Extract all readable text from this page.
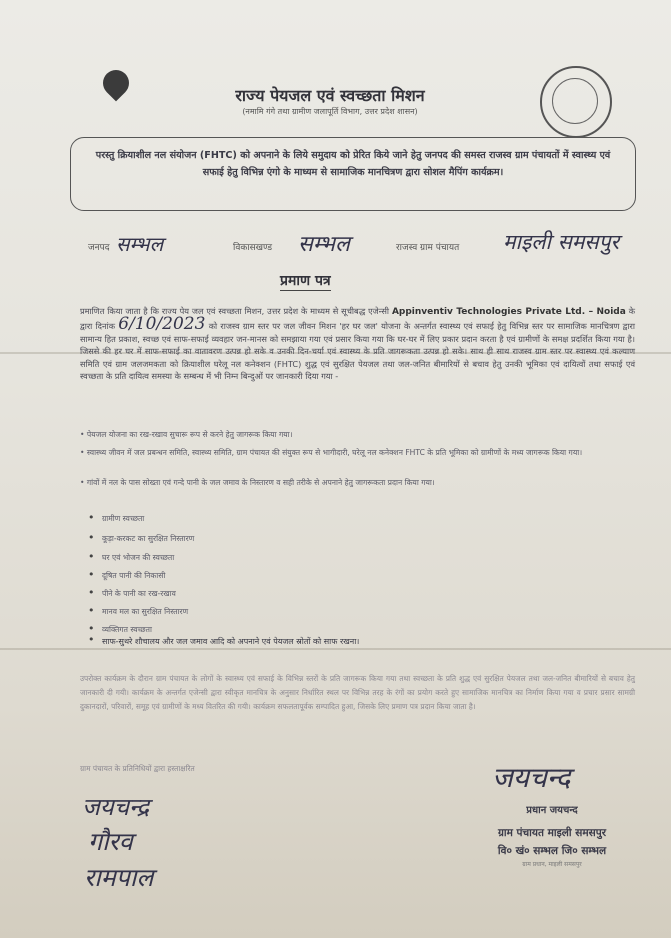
राज्य पेयजल एवं स्वच्छता मिशन
(नमामि गंगे तथा ग्रामीण जलापूर्ति विभाग, उत्तर प्रदेश शासन)

परस्तु क्रियाशील नल संयोजन (FHTC) को अपनाने के लिये समुदाय को प्रेरित किये जाने हेतु जनपद की समस्त राजस्व ग्राम पंचायतों में स्वास्थ्य एवं सफाई हेतु विभिन्न एंगो के माध्यम से सामाजिक मानचित्रण द्वारा सोशल मैपिंग कार्यक्रम।

जनपद सम्भल	विकासखण्ड सम्भल	राजस्व ग्राम पंचायत माइली समसपुर
प्रमाण पत्र
प्रमाणित किया जाता है कि राज्य पेय जल एवं स्वच्छता मिशन, उत्तर प्रदेश के माध्यम से सूचीबद्ध एजेन्सी Appinventiv Technologies Private Ltd. – Noida के द्वारा दिनांक 6/10/2023 को राजस्व ग्राम स्तर पर जल जीवन मिशन 'हर घर जल' योजना के अन्तर्गत स्वास्थ्य एवं सफाई हेतु विभिन्न स्तर पर सामाजिक मानचित्रण द्वारा सामान्य हित प्रकाश, स्वच्छ एवं साफ-सफाई व्यवहार जन-मानस को समझाया गया एवं प्रसार किया गया कि घर-घर में लिए प्रकार प्रदान करता है एवं ग्रामीणों के समक्ष प्रदर्शित किया गया है। जिससे की हर घर में साफ-सफाई का वातावरण उत्पन्न हो सके व उनकी दिन-चर्या एवं स्वास्थ्य के प्रति जागरूकता उत्पन्न हो सके। साथ ही साथ राजस्व ग्राम स्तर पर स्वास्थ्य एवं कल्याण समिति एवं ग्राम जलजमकता को क्रियाशील घरेलू नल कनेक्शन (FHTC) शुद्ध एवं सुरक्षित पेयजल तथा जल-जनित बीमारियों से बचाव हेतु उनकी भूमिका एवं दायित्वों तथा सफाई एवं स्वच्छता के प्रति दायित्व समस्या के सम्बन्ध में भी निम्न बिन्दुओं पर जानकारी दिया गया -
• पेयजल योजना का रख-रखाव सुचारू रूप से करने हेतु जागरूक किया गया।
• स्वास्थ्य जीवन में जल प्रबन्धन समिति, स्वास्थ्य समिति, ग्राम पंचायत की संयुक्त रूप से भागीदारी, घरेलू नल कनेक्शन FHTC के प्रति भूमिका को ग्रामीणों के मध्य जागरूक किया गया।
• गांवों में नल के पास सोख्ता एवं गन्दे पानी के जल जमाव के निस्तारण व सही तरीके से अपनाने हेतु जागरूकता प्रदान किया गया।
• ग्रामीण स्वच्छता
• कूड़ा-करकट का सुरक्षित निस्तारण
• घर एवं भोजन की स्वच्छता
• दूषित पानी की निकासी
• पीने के पानी का रख-रखाव
• मानव मल का सुरक्षित निस्तारण
• व्यक्तिगत स्वच्छता
• साफ-सुथरे शौचालय और जल जमाव आदि को अपनाने एवं पेयजल स्रोतों को साफ रखना।
उपरोक्त कार्यक्रम के दौरान ग्राम पंचायत के लोगों के स्वास्थ्य एवं सफाई के विभिन्न स्तरों के प्रति जागरूक किया गया तथा स्वच्छता के प्रति शुद्ध एवं सुरक्षित पेयजल तथा जल-जनित बीमारियों से बचाव हेतु जानकारी दी गयी। कार्यक्रम के अन्तर्गत एजेन्सी द्वारा स्वीकृत मानचित्र के अनुसार निर्धारित स्थल पर विभिन्न तरह के रंगों का प्रयोग करते हुए सामाजिक मानचित्र का निर्माण किया गया व प्रचार प्रसार सामग्री दुकानदारों, परिवारों, समूह एवं ग्रामीणों के मध्य वितरित की गयी। कार्यक्रम सफलतापूर्वक सम्पादित हुआ, जिसके लिए प्रमाण पत्र प्रदान किया जाता है।
ग्राम पंचायत के प्रतिनिधियों द्वारा हस्ताक्षरित
जयचन्द्र
गौरव
रामपाल
जयचन्द
प्रधान जयचन्द
ग्राम पंचायत माइली समसपुर
वि० खं० सम्भल जि० सम्भल
ग्राम प्रधान, माइली समसपुर
